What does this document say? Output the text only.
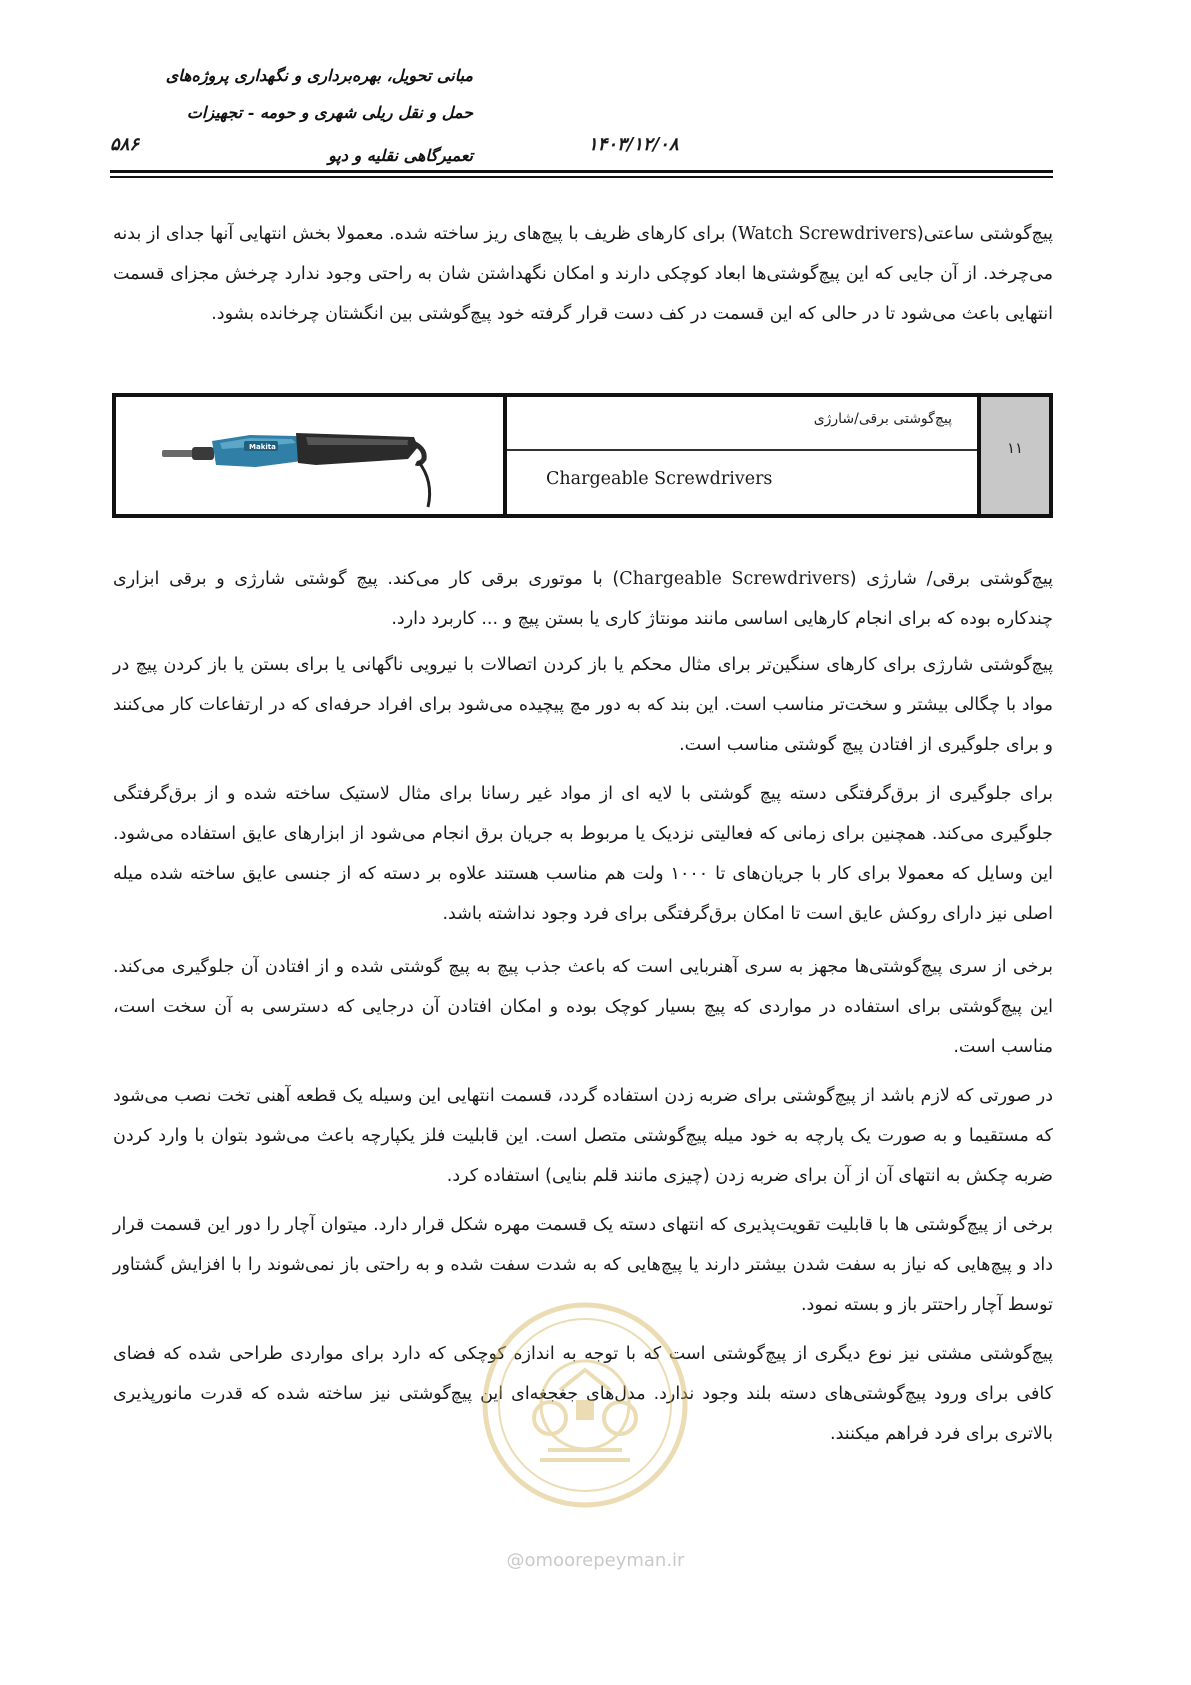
مبانی تحویل، بهره‌برداری و نگهداری پروژه‌های
حمل و نقل ریلی شهری و حومه - تجهیزات
تعمیرگاهی نقلیه و دپو
۱۴۰۳/۱۲/۰۸
۵۸۶
پیچ‌گوشتی ساعتی(Watch Screwdrivers) برای کارهای ظریف با پیچ‌های ریز ساخته شده. معمولا بخش انتهایی آنها جدای از بدنه می‌چرخد. از آن جایی که این پیچ‌گوشتی‌ها ابعاد کوچکی دارند و امکان نگهداشتن شان به راحتی وجود ندارد چرخش مجزای قسمت انتهایی باعث می‌شود تا در حالی که این قسمت در کف دست قرار گرفته خود پیچ‌گوشتی بین انگشتان چرخانده بشود.
Makita
پیچ‌گوشتی برقی/شارژی
Chargeable Screwdrivers
۱۱
پیچ‌گوشتی برقی/ شارژی (Chargeable Screwdrivers) با موتوری برقی کار می‌کند. پیچ گوشتی شارژی و برقی ابزاری چندکاره بوده که برای انجام کارهایی اساسی مانند مونتاژ کاری یا بستن پیچ و ... کاربرد دارد.
پیچ‌گوشتی شارژی برای کارهای سنگین‌تر برای مثال محکم یا باز کردن اتصالات با نیرویی ناگهانی یا برای بستن یا باز کردن پیچ در مواد با چگالی بیشتر و سخت‌تر مناسب است. این بند که به دور مچ پیچیده می‌شود برای افراد حرفه‌ای که در ارتفاعات کار می‌کنند و برای جلوگیری از افتادن پیچ گوشتی مناسب است.
برای جلوگیری از برق‌گرفتگی دسته پیچ گوشتی با لایه ای از مواد غیر رسانا برای مثال لاستیک ساخته شده و از برق‌گرفتگی جلوگیری می‌کند. همچنین برای زمانی که فعالیتی نزدیک یا مربوط به جریان برق انجام می‌شود از ابزارهای عایق استفاده می‌شود. این وسایل که معمولا برای کار با جریان‌های تا ۱۰۰۰ ولت هم مناسب هستند علاوه بر دسته که از جنسی عایق ساخته شده میله اصلی نیز دارای روکش عایق است تا امکان برق‌گرفتگی برای فرد وجود نداشته باشد.
برخی از سری پیچ‌گوشتی‌ها مجهز به سری آهنربایی است که باعث جذب پیچ به پیچ گوشتی شده و از افتادن آن جلوگیری می‌کند. این پیچ‌گوشتی برای استفاده در مواردی که پیچ بسیار کوچک بوده و امکان افتادن آن درجایی که دسترسی به آن سخت است، مناسب است.
در صورتی که لازم باشد از پیچ‌گوشتی برای ضربه زدن استفاده گردد، قسمت انتهایی این وسیله یک قطعه آهنی تخت نصب می‌شود که مستقیما و به صورت یک پارچه به خود میله پیچ‌گوشتی متصل است. این قابلیت فلز یکپارچه باعث می‌شود بتوان با وارد کردن ضربه چکش به انتهای آن از آن برای ضربه زدن (چیزی مانند قلم بنایی) استفاده کرد.
برخی از پیچ‌گوشتی ها با قابلیت تقویت‌پذیری که انتهای دسته یک قسمت مهره شکل قرار دارد. میتوان آچار را دور این قسمت قرار داد و پیچ‌هایی که نیاز به سفت شدن بیشتر دارند یا پیچ‌هایی که به شدت سفت شده و به راحتی باز نمی‌شوند را با افزایش گشتاور توسط آچار راحتتر باز و بسته نمود.
پیچ‌گوشتی مشتی نیز نوع دیگری از پیچ‌گوشتی است که با توجه به اندازه کوچکی که دارد برای مواردی طراحی شده که فضای کافی برای ورود پیچ‌گوشتی‌های دسته بلند وجود ندارد. مدل‌های جغجغه‌ای این پیچ‌گوشتی نیز ساخته شده که قدرت مانورپذیری بالاتری برای فرد فراهم میکنند.
@omoorepeyman.ir
